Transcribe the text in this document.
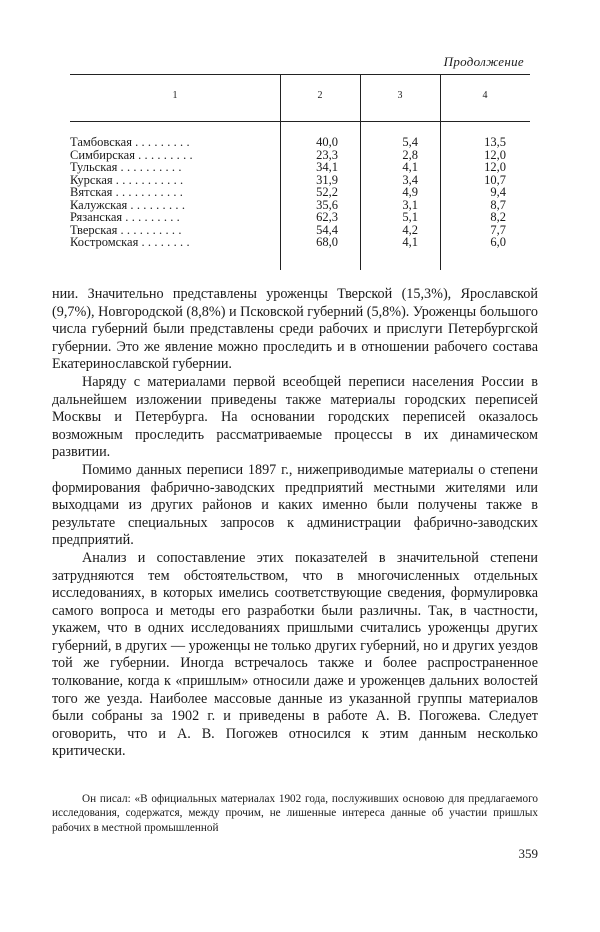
Продолжение
1	2	3	4
Тамбовская .........	40,0	5,4	13,5
Симбирская .........	23,3	2,8	12,0
Тульская ..........	34,1	4,1	12,0
Курская ...........	31,9	3,4	10,7
Вятская ...........	52,2	4,9	9,4
Калужская .........	35,6	3,1	8,7
Рязанская .........	62,3	5,1	8,2
Тверская ..........	54,4	4,2	7,7
Костромская ........	68,0	4,1	6,0

нии. Значительно представлены уроженцы Тверской (15,3%), Ярославской (9,7%), Новгородской (8,8%) и Псковской губерний (5,8%). Уроженцы большого числа губерний были представлены среди рабочих и прислуги Петербургской губернии. Это же явление можно проследить и в отношении рабочего состава Екатеринославской губернии.

Наряду с материалами первой всеобщей переписи населения России в дальнейшем изложении приведены также материалы городских переписей Москвы и Петербурга. На основании городских переписей оказалось возможным проследить рассматриваемые процессы в их динамическом развитии.

Помимо данных переписи 1897 г., нижеприводимые материалы о степени формирования фабрично-заводских предприятий местными жителями или выходцами из других районов и каких именно были получены также в результате специальных запросов к администрации фабрично-заводских предприятий.

Анализ и сопоставление этих показателей в значительной степени затрудняются тем обстоятельством, что в многочисленных отдельных исследованиях, в которых имелись соответствующие сведения, формулировка самого вопроса и методы его разработки были различны. Так, в частности, укажем, что в одних исследованиях пришлыми считались уроженцы других губерний, в других — уроженцы не только других губерний, но и других уездов той же губернии. Иногда встречалось также и более распространенное толкование, когда к «пришлым» относили даже и уроженцев дальних волостей того же уезда. Наиболее массовые данные из указанной группы материалов были собраны за 1902 г. и приведены в работе А. В. Погожева. Следует оговорить, что и А. В. Погожев относился к этим данным несколько критически.

Он писал: «В официальных материалах 1902 года, послуживших основою для предлагаемого исследования, содержатся, между прочим, не лишенные интереса данные об участии пришлых рабочих в местной промышленной

359
